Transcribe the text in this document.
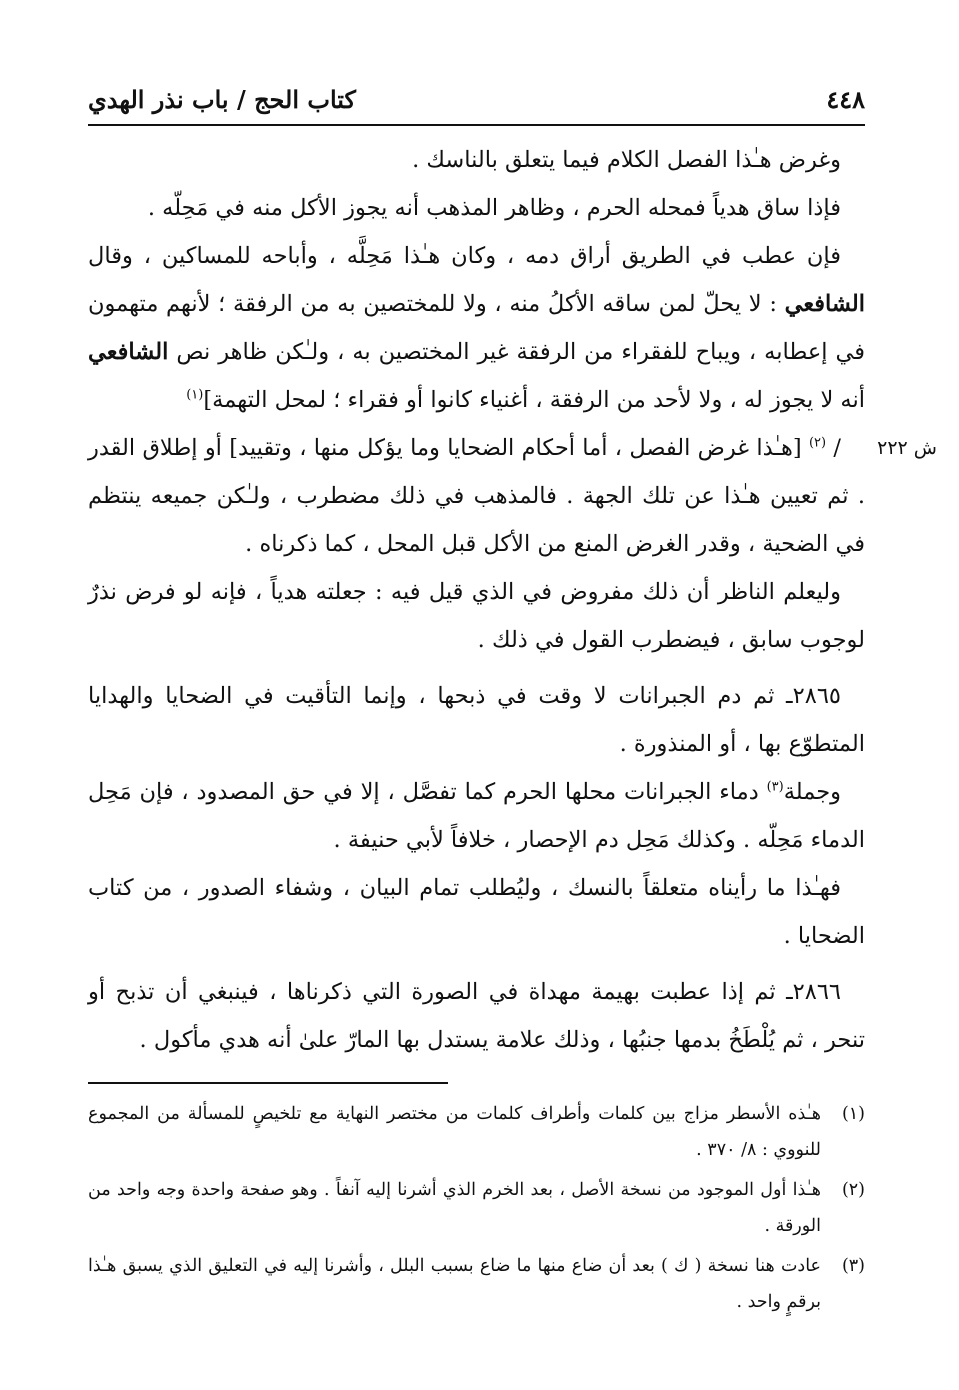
٤٤٨
كتاب الحج / باب نذر الهدي

وغرض هـٰذا الفصل الكلام فيما يتعلق بالناسك .

فإذا ساق هدياً فمحله الحرم ، وظاهر المذهب أنه يجوز الأكل منه في مَحِلّه .

فإن عطب في الطريق أراق دمه ، وكان هـٰذا مَحِلَّه ، وأباحه للمساكين ، وقال الشافعي : لا يحلّ لمن ساقه الأكلُ منه ، ولا للمختصين به من الرفقة ؛ لأنهم متهمون في إعطابه ، ويباح للفقراء من الرفقة غير المختصين به ، ولـٰكن ظاهر نص الشافعي أنه لا يجوز له ، ولا لأحد من الرفقة ، أغنياء كانوا أو فقراء ؛ لمحل التهمة]$^{(١)}$

ش ٢٢٢

/ $^{(٢)}$ [هـٰذا غرض الفصل ، أما أحكام الضحايا وما يؤكل منها ، وتقييد] أو إطلاق القدر . ثم تعيين هـٰذا عن تلك الجهة . فالمذهب في ذلك مضطرب ، ولـٰكن جميعه ينتظم في الضحية ، وقدر الغرض المنع من الأكل قبل المحل ، كما ذكرناه .

وليعلم الناظر أن ذلك مفروض في الذي قيل فيه : جعلته هدياً ، فإنه لو فرض نذرٌ لوجوب سابق ، فيضطرب القول في ذلك .

٢٨٦٥ـ ثم دم الجبرانات لا وقت في ذبحها ، وإنما التأقيت في الضحايا والهدايا المتطوّع بها ، أو المنذورة .

وجملة$^{(٣)}$ دماء الجبرانات محلها الحرم كما تفصَّل ، إلا في حق المصدود ، فإن مَحِل الدماء مَحِلّه . وكذلك مَحِل دم الإحصار ، خلافاً لأبي حنيفة .

فهـٰذا ما رأيناه متعلقاً بالنسك ، وليُطلب تمام البيان ، وشفاء الصدور ، من كتاب الضحايا .

٢٨٦٦ـ ثم إذا عطبت بهيمة مهداة في الصورة التي ذكرناها ، فينبغي أن تذبح أو تنحر ، ثم يُلْطَخُ بدمها جنبُها ، وذلك علامة يستدل بها المارّ علىٰ أنه هدي مأكول .

(١)
هـٰذه الأسطر مزاج بين كلمات وأطراف كلمات من مختصر النهاية مع تلخيصٍ للمسألة من المجموع للنووي : ٨/ ٣٧٠ .
(٢)
هـٰذا أول الموجود من نسخة الأصل ، بعد الخرم الذي أشرنا إليه آنفاً . وهو صفحة واحدة وجه واحد من الورقة .
(٣)
عادت هنا نسخة ( ك ) بعد أن ضاع منها ما ضاع بسبب البلل ، وأشرنا إليه في التعليق الذي يسبق هـٰذا برقمٍ واحد .
